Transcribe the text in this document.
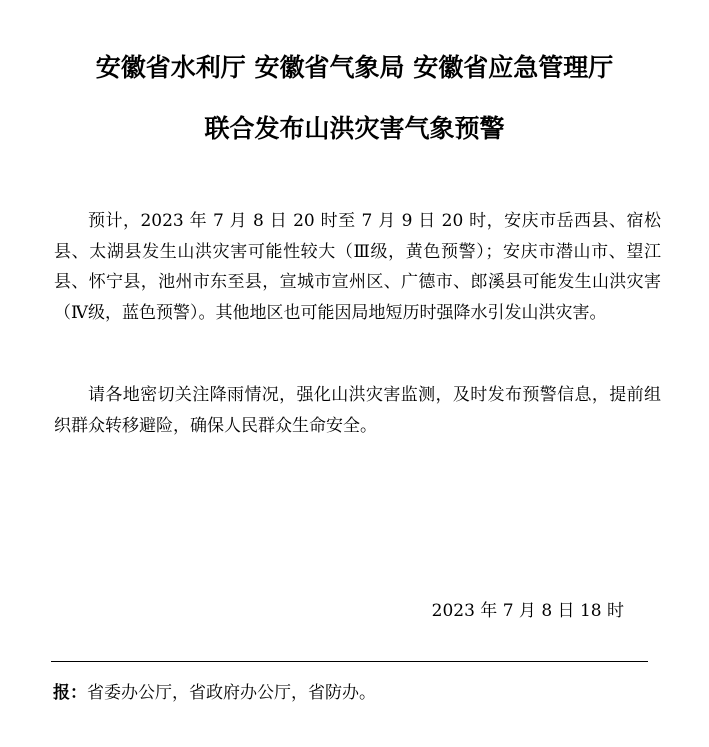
安徽省水利厅 安徽省气象局 安徽省应急管理厅
联合发布山洪灾害气象预警

预计，2023 年 7 月 8 日 20 时至 7 月 9 日 20 时，安庆市岳西县、宿松县、太湖县发生山洪灾害可能性较大（Ⅲ级，黄色预警）；安庆市潜山市、望江县、怀宁县，池州市东至县，宣城市宣州区、广德市、郎溪县可能发生山洪灾害（Ⅳ级，蓝色预警）。其他地区也可能因局地短历时强降水引发山洪灾害。

请各地密切关注降雨情况，强化山洪灾害监测，及时发布预警信息，提前组织群众转移避险，确保人民群众生命安全。

2023 年 7 月 8 日 18 时
报：省委办公厅，省政府办公厅，省防办。
